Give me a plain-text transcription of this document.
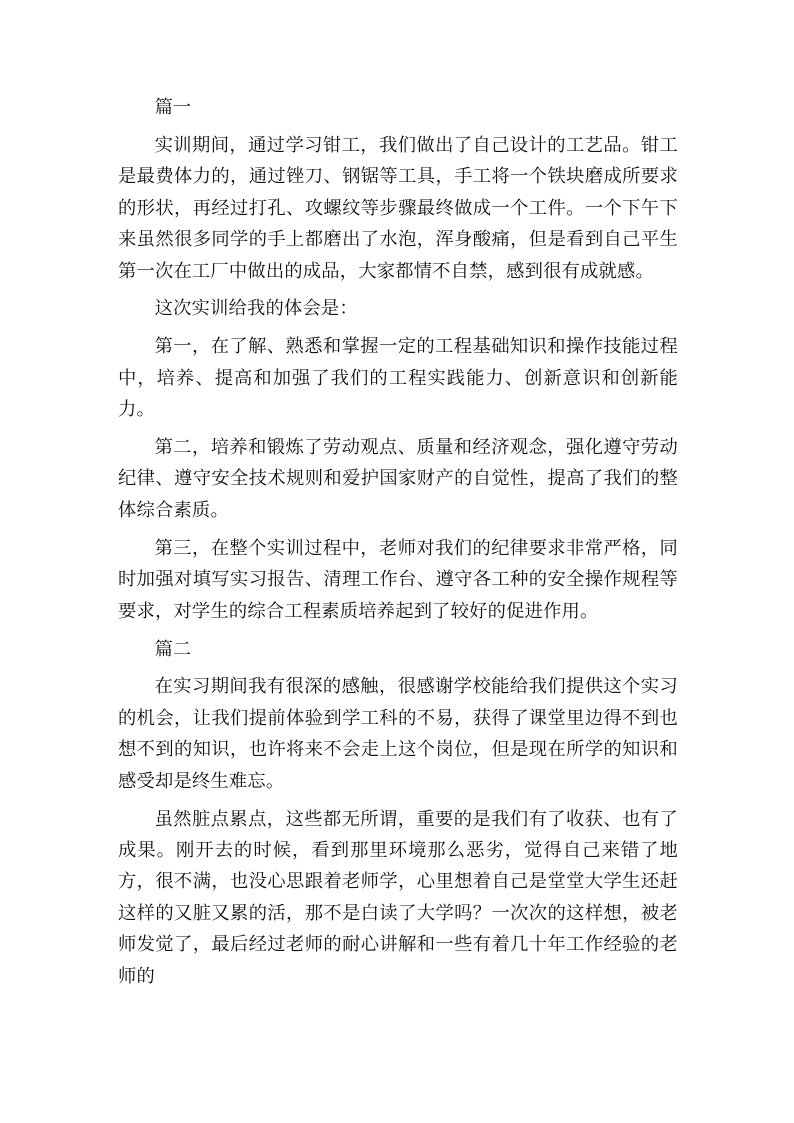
篇一

实训期间，通过学习钳工，我们做出了自己设计的工艺品。钳工是最费体力的，通过锉刀、钢锯等工具，手工将一个铁块磨成所要求的形状，再经过打孔、攻螺纹等步骤最终做成一个工件。一个下午下来虽然很多同学的手上都磨出了水泡，浑身酸痛，但是看到自己平生第一次在工厂中做出的成品，大家都情不自禁，感到很有成就感。

这次实训给我的体会是：

第一，在了解、熟悉和掌握一定的工程基础知识和操作技能过程中，培养、提高和加强了我们的工程实践能力、创新意识和创新能力。

第二，培养和锻炼了劳动观点、质量和经济观念，强化遵守劳动纪律、遵守安全技术规则和爱护国家财产的自觉性，提高了我们的整体综合素质。

第三，在整个实训过程中，老师对我们的纪律要求非常严格，同时加强对填写实习报告、清理工作台、遵守各工种的安全操作规程等要求，对学生的综合工程素质培养起到了较好的促进作用。

篇二

在实习期间我有很深的感触，很感谢学校能给我们提供这个实习的机会，让我们提前体验到学工科的不易，获得了课堂里边得不到也想不到的知识，也许将来不会走上这个岗位，但是现在所学的知识和感受却是终生难忘。

虽然脏点累点，这些都无所谓，重要的是我们有了收获、也有了成果。刚开去的时候，看到那里环境那么恶劣，觉得自己来错了地方，很不满，也没心思跟着老师学，心里想着自己是堂堂大学生还赶这样的又脏又累的活，那不是白读了大学吗？一次次的这样想，被老师发觉了，最后经过老师的耐心讲解和一些有着几十年工作经验的老师的
